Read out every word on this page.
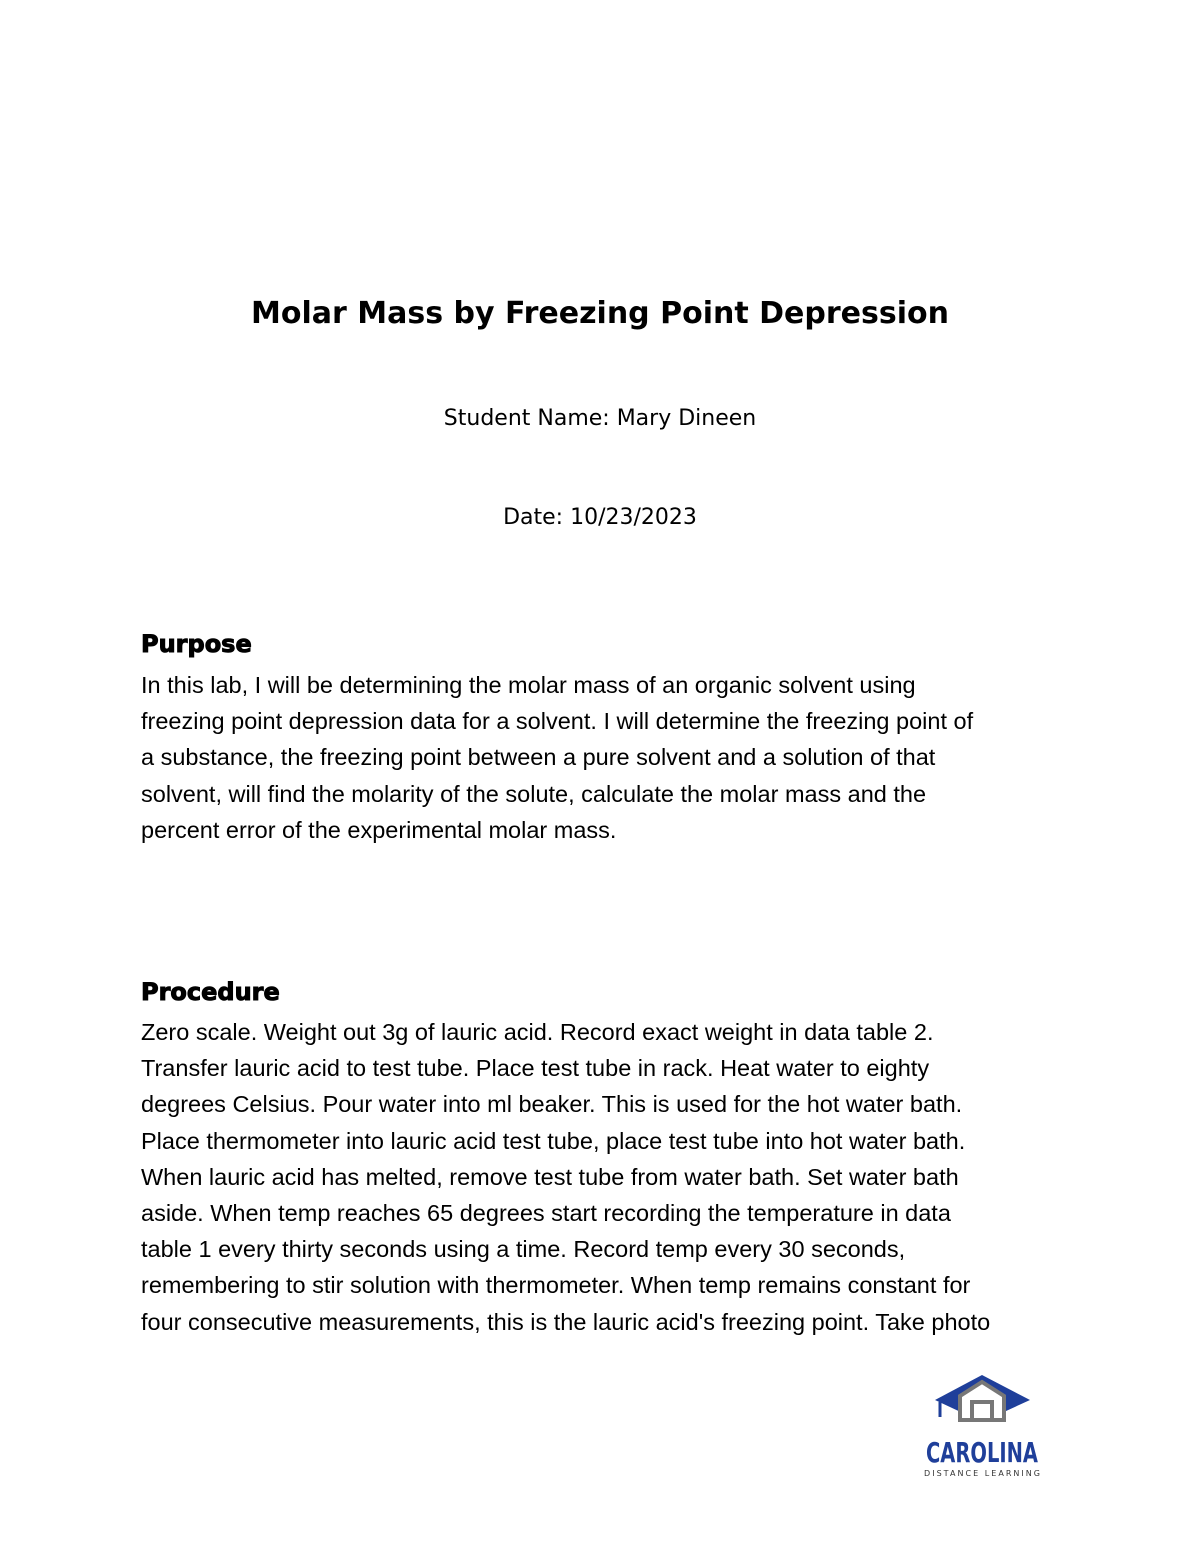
Molar Mass by Freezing Point Depression
Student Name: Mary Dineen
Date: 10/23/2023
Purpose
In this lab, I will be determining the molar mass of an organic solvent using
freezing point depression data for a solvent. I will determine the freezing point of
a substance, the freezing point between a pure solvent and a solution of that
solvent, will find the molarity of the solute, calculate the molar mass and the
percent error of the experimental molar mass.
Procedure
Zero scale. Weight out 3g of lauric acid. Record exact weight in data table 2.
Transfer lauric acid to test tube. Place test tube in rack. Heat water to eighty
degrees Celsius. Pour water into ml beaker. This is used for the hot water bath.
Place thermometer into lauric acid test tube, place test tube into hot water bath.
When lauric acid has melted, remove test tube from water bath. Set water bath
aside. When temp reaches 65 degrees start recording the temperature in data
table 1 every thirty seconds using a time. Record temp every 30 seconds,
remembering to stir solution with thermometer. When temp remains constant for
four consecutive measurements, this is the lauric acid's freezing point. Take photo
CAROLINA
DISTANCE LEARNING
